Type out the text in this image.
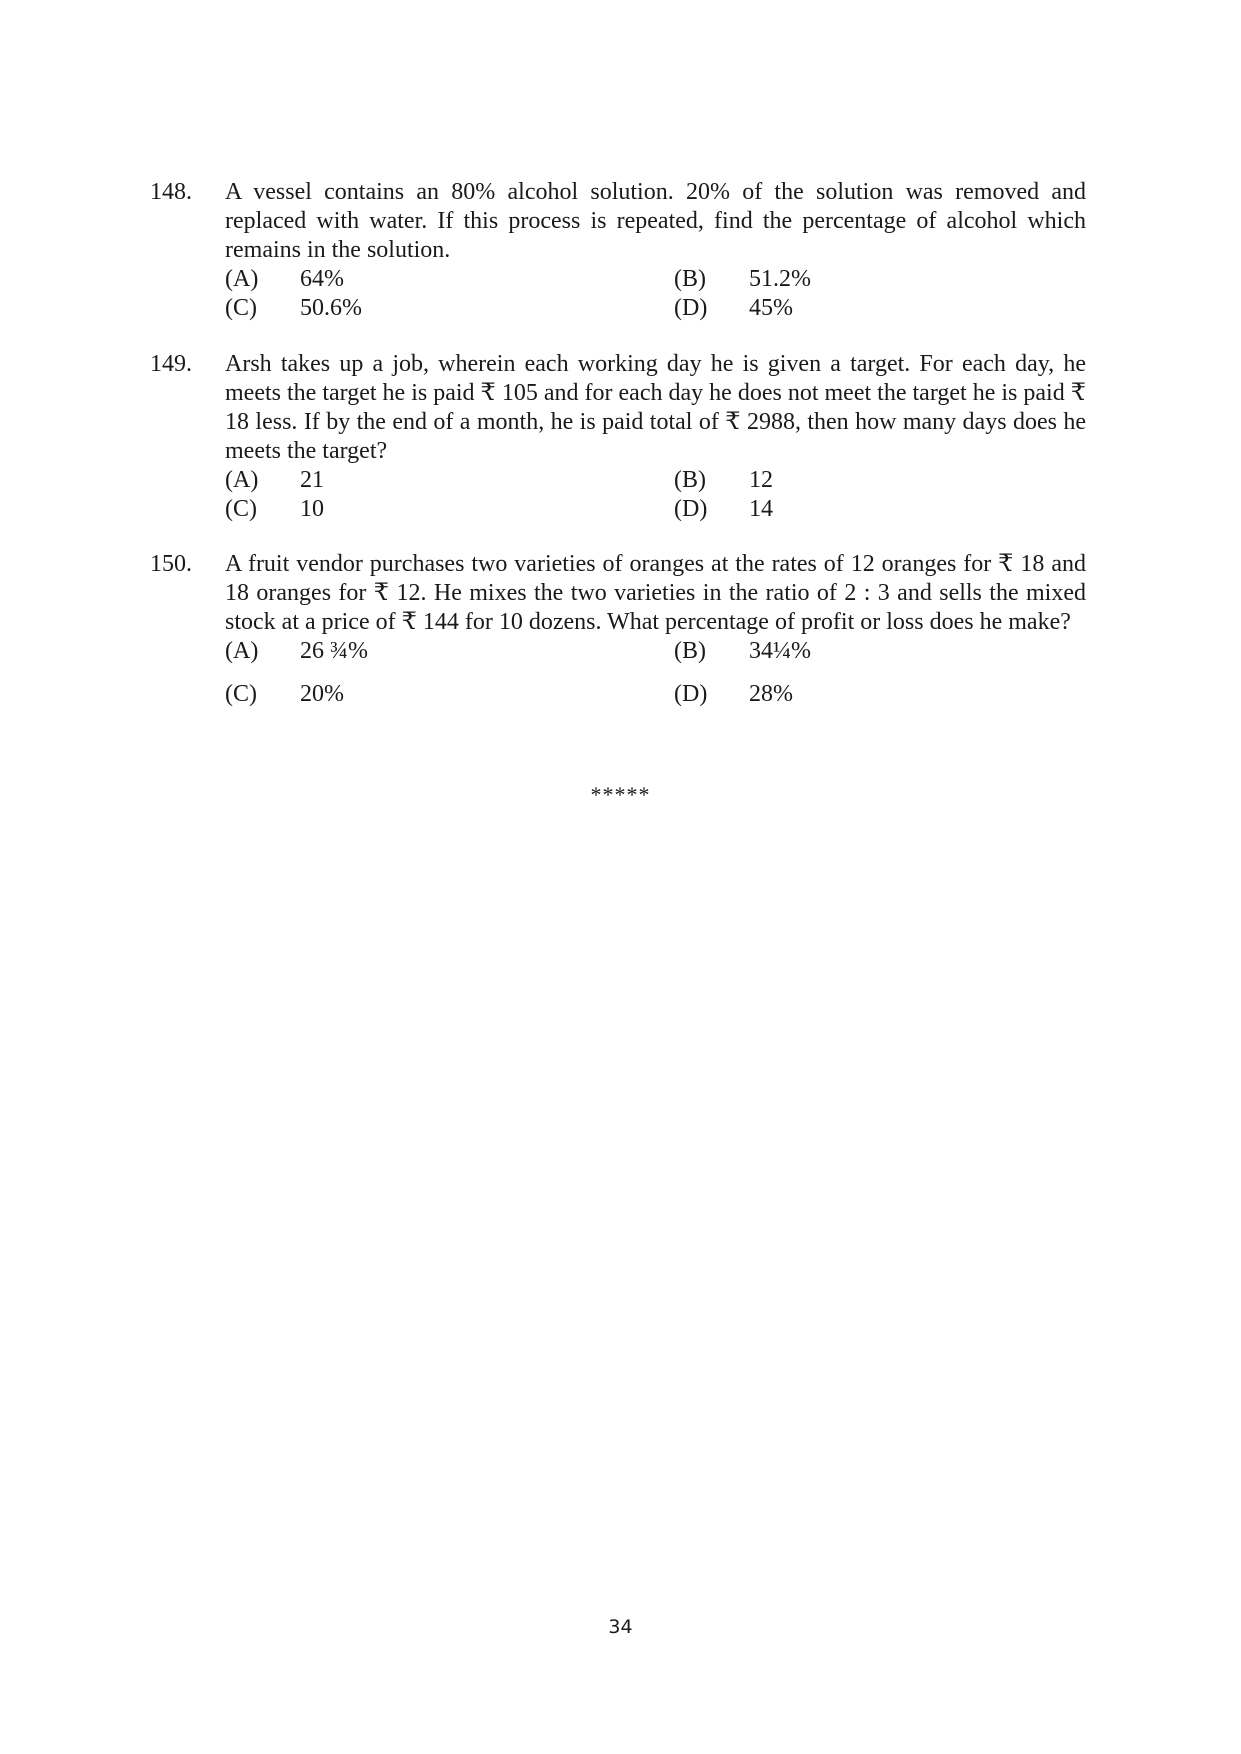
148.	A vessel contains an 80% alcohol solution. 20% of the solution was removed and replaced with water. If this process is repeated, find the percentage of alcohol which remains in the solution.

(A)	64%	(B)	51.2%
(C)	50.6%	(D)	45%
149.	Arsh takes up a job, wherein each working day he is given a target. For each day, he meets the target he is paid ₹ 105 and for each day he does not meet the target he is paid ₹ 18 less. If by the end of a month, he is paid total of ₹ 2988, then how many days does he meets the target?

(A)	21	(B)	12
(C)	10	(D)	14
150.	A fruit vendor purchases two varieties of oranges at the rates of 12 oranges for ₹ 18 and 18 oranges for ₹ 12. He mixes the two varieties in the ratio of 2 : 3 and sells the mixed stock at a price of ₹ 144 for 10 dozens. What percentage of profit or loss does he make?

(A)	26 ¾%	(B)	34¼%
(C)	20%	(D)	28%
*****
34
